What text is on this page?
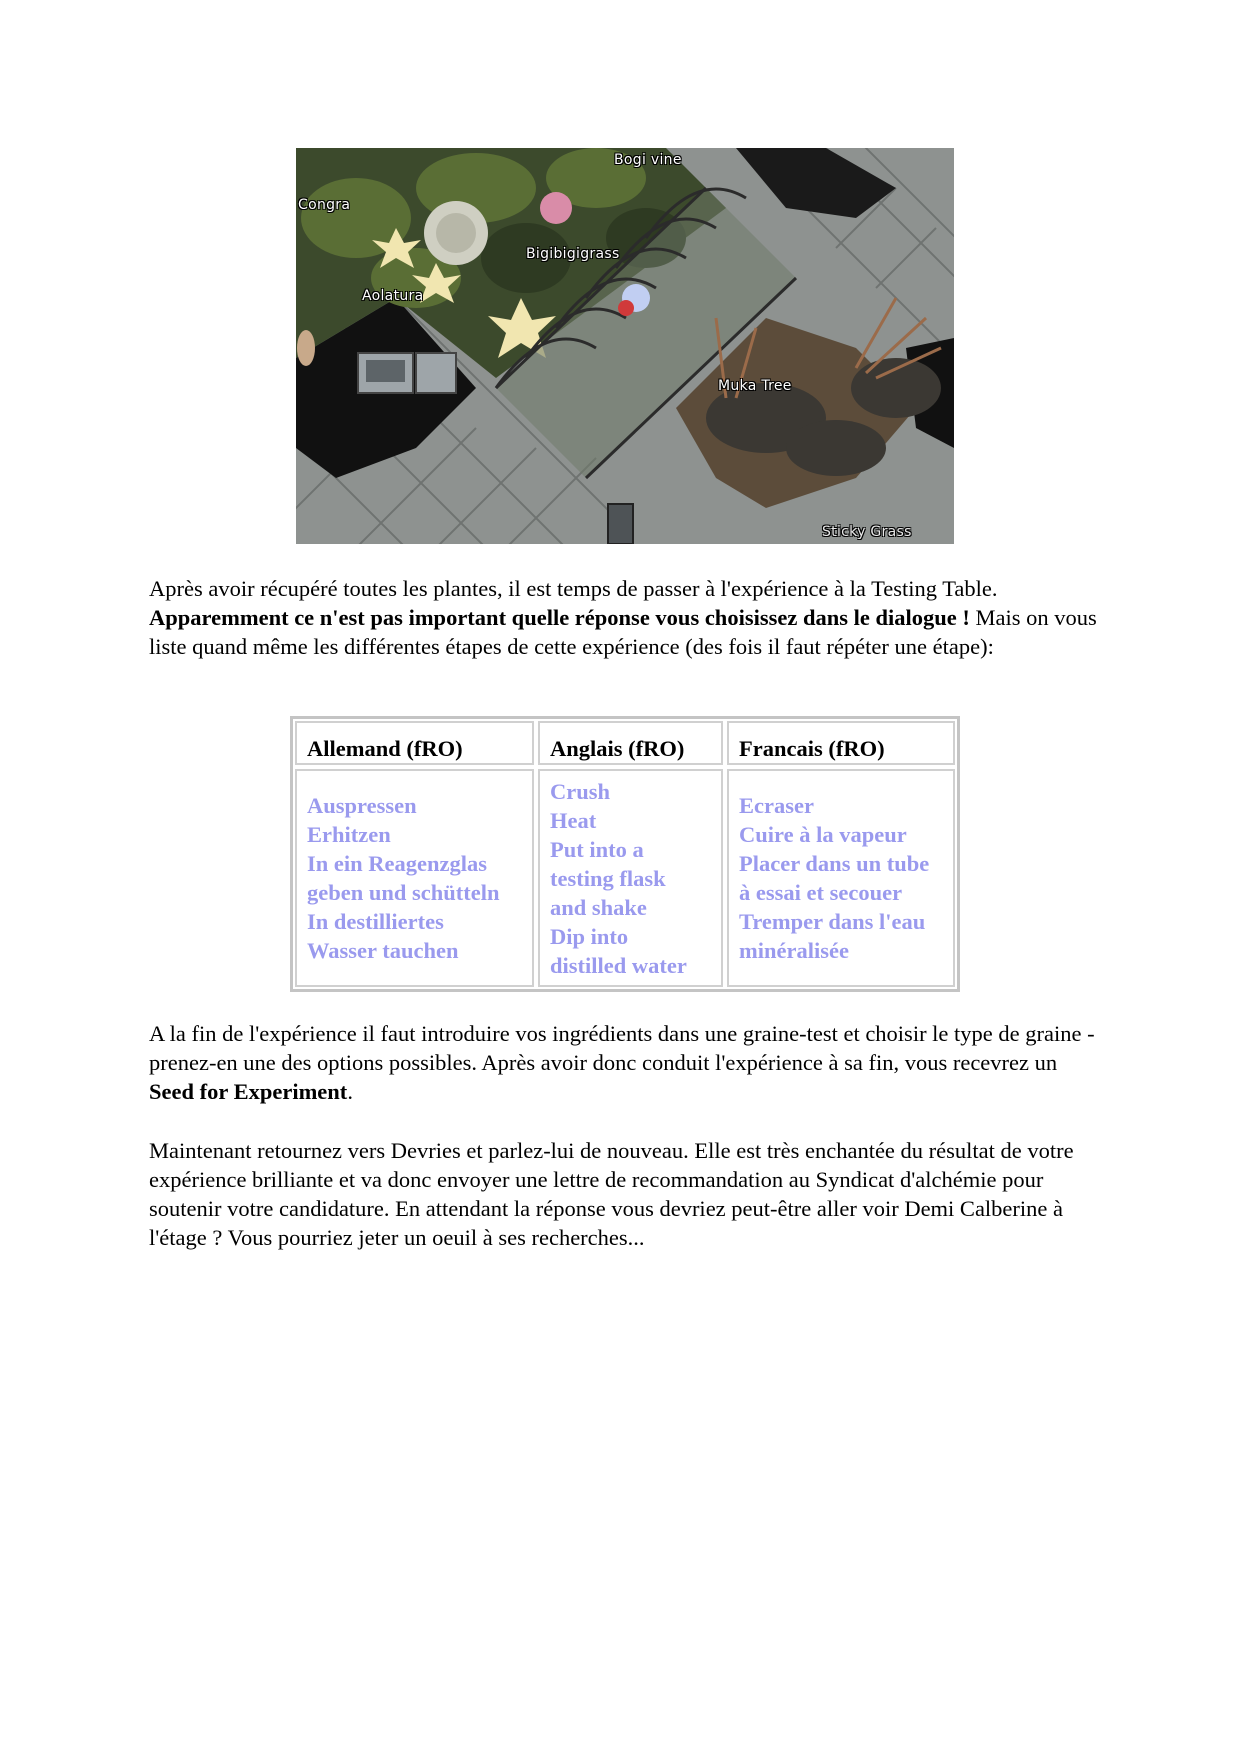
Bogi vine
Congra
Bigibigigrass
Aolatura
Muka Tree
Sticky Grass

Après avoir récupéré toutes les plantes, il est temps de passer à l'expérience à la Testing Table. Apparemment ce n'est pas important quelle réponse vous choisissez dans le dialogue ! Mais on vous liste quand même les différentes étapes de cette expérience (des fois il faut répéter une étape):

Allemand (fRO)	Anglais (fRO)	Francais (fRO)
Auspressen
Erhitzen
In ein Reagenzglas
geben und schütteln
In destilliertes
Wasser tauchen
Crush
Heat
Put into a
testing flask
and shake
Dip into
distilled water
Ecraser
Cuire à la vapeur
Placer dans un tube
à essai et secouer
Tremper dans l'eau
minéralisée

A la fin de l'expérience il faut introduire vos ingrédients dans une graine-test et choisir le type de graine - prenez-en une des options possibles. Après avoir donc conduit l'expérience à sa fin, vous recevrez un Seed for Experiment.

Maintenant retournez vers Devries et parlez-lui de nouveau. Elle est très enchantée du résultat de votre expérience brilliante et va donc envoyer une lettre de recommandation au Syndicat d'alchémie pour soutenir votre candidature. En attendant la réponse vous devriez peut-être aller voir Demi Calberine à l'étage ? Vous pourriez jeter un oeuil à ses recherches...
